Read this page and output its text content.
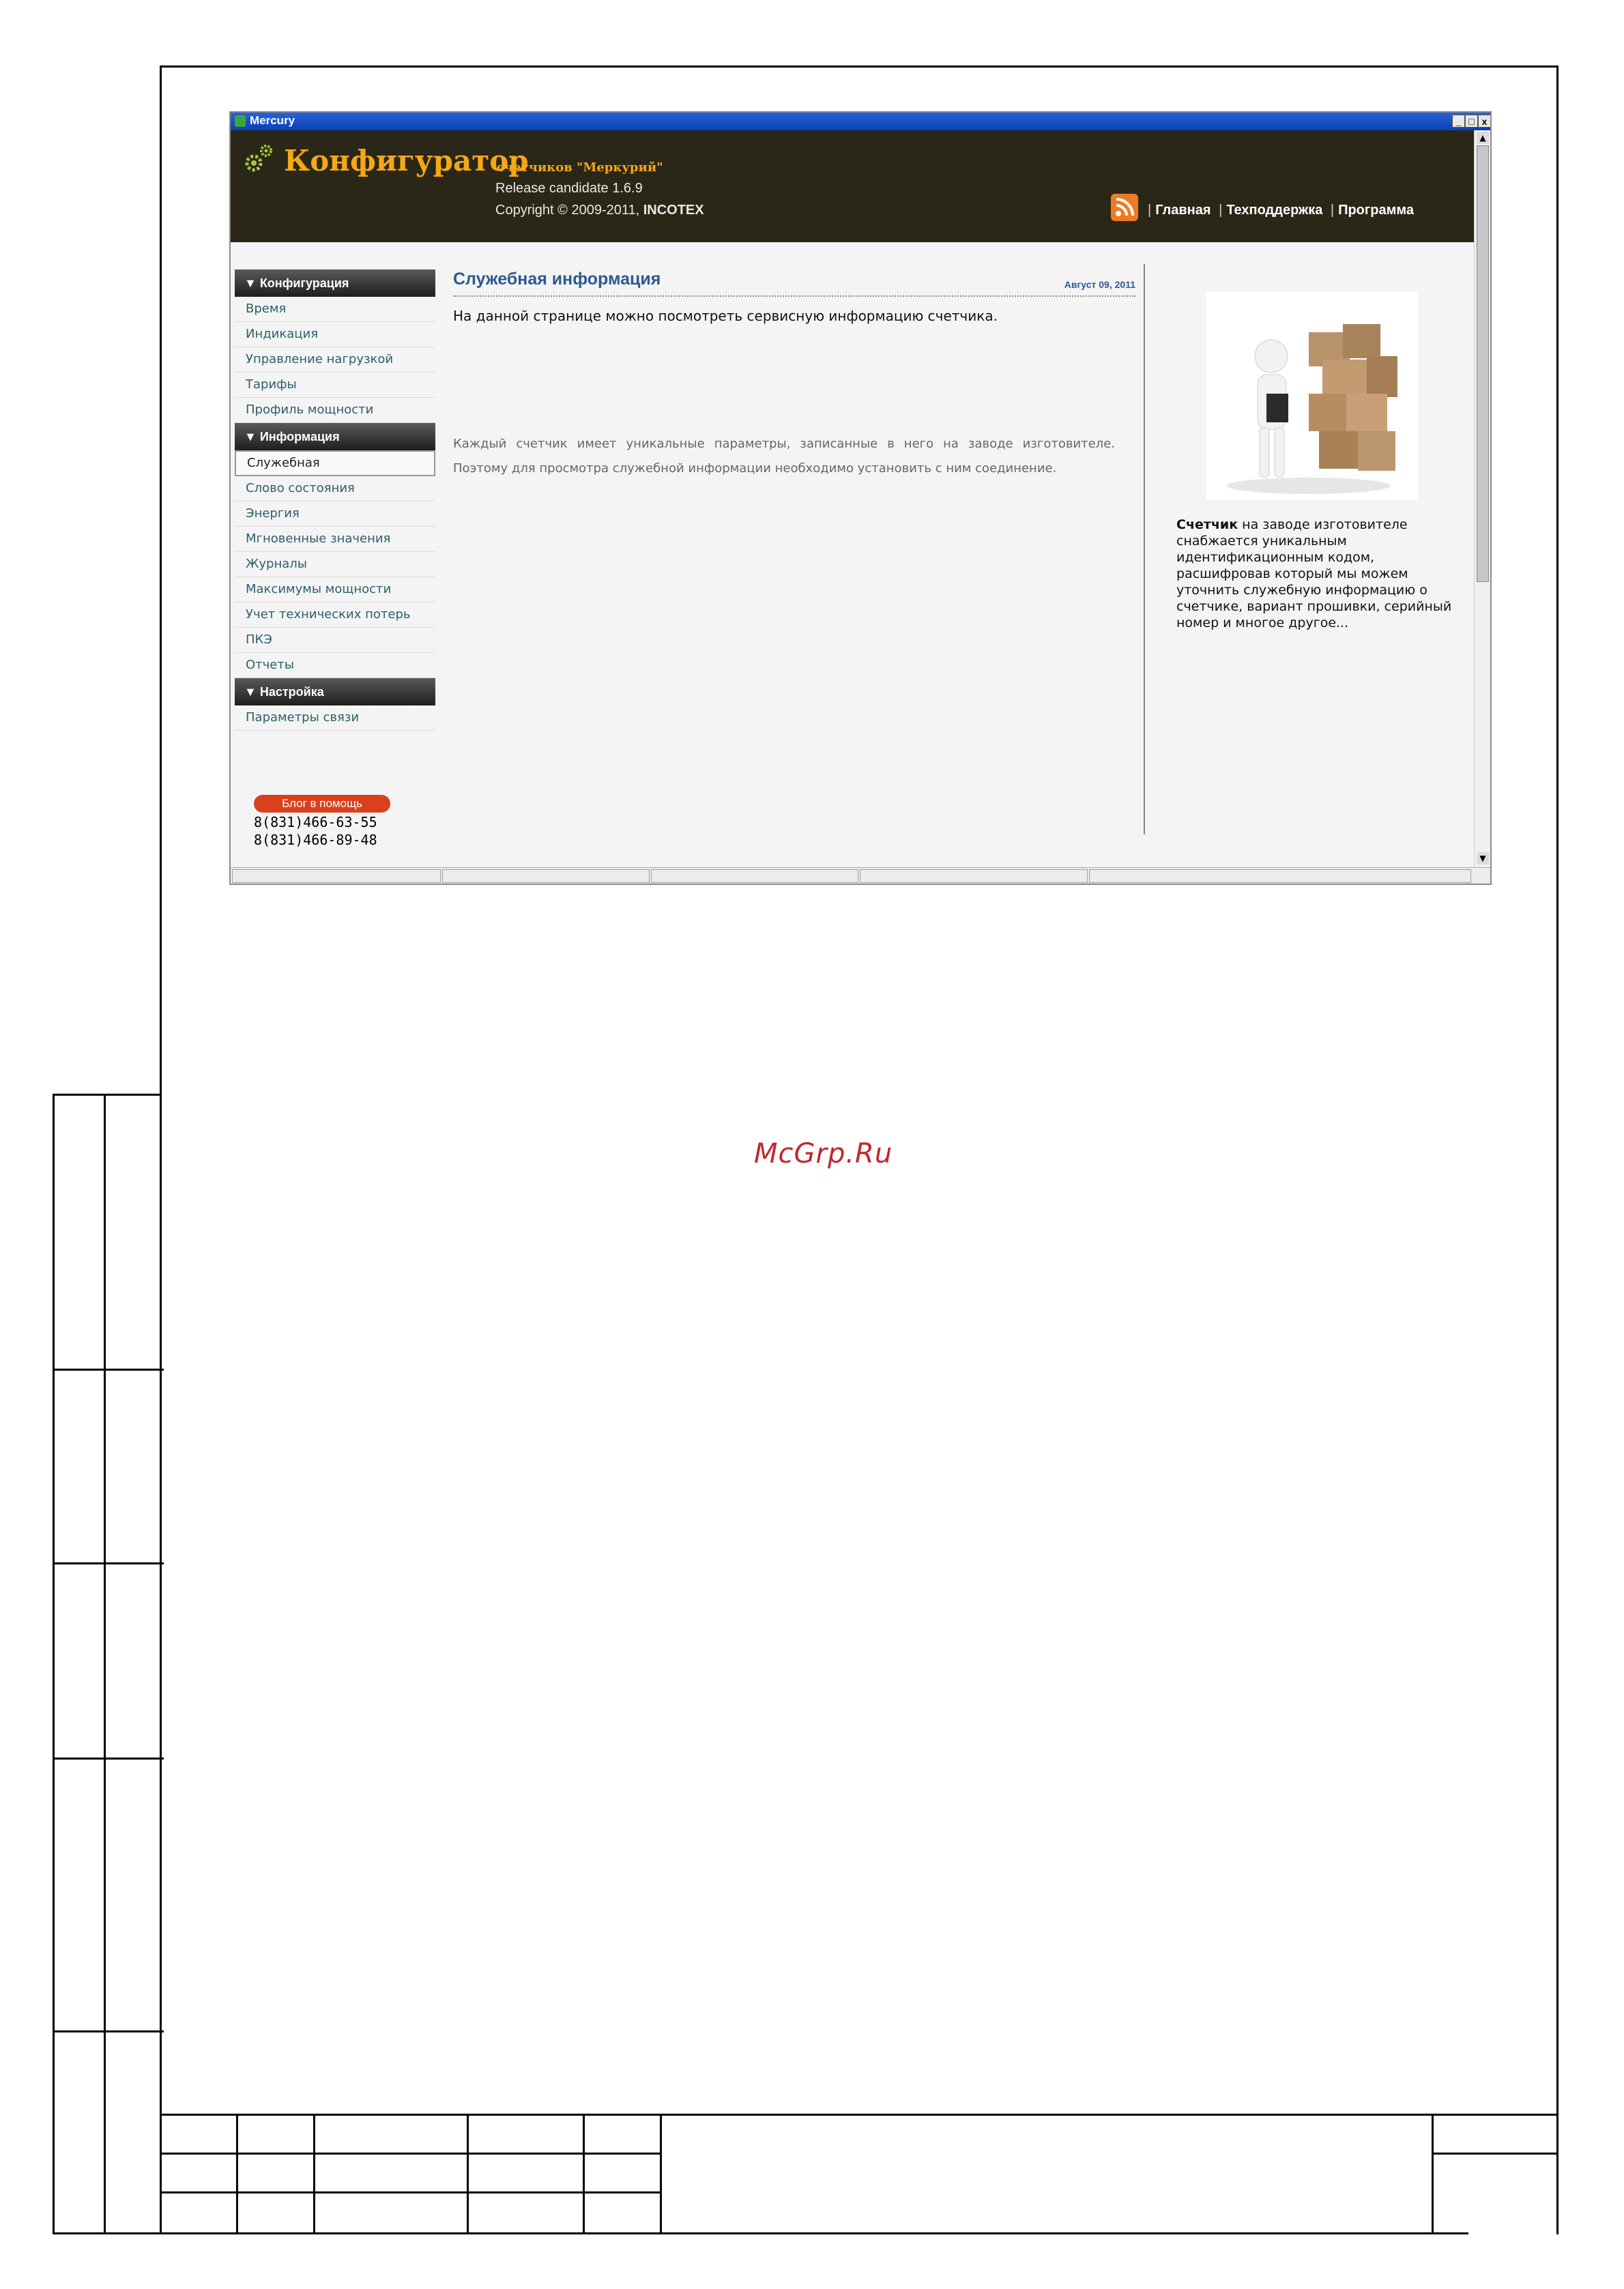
McGrp.Ru
Mercury	_ □ x
Конфигуратор
счетчиков "Меркурий"
Release candidate 1.6.9
Copyright © 2009-2011, INCOTEX	| Главная | Техподдержка | Программа
▼ Конфигурация
Время
Индикация
Управление нагрузкой
Тарифы
Профиль мощности
▼ Информация
Служебная
Слово состояния
Энергия
Мгновенные значения
Журналы
Максимумы мощности
Учет технических потерь
ПКЭ
Отчеты
▼ Настройка
Параметры связи
Блог в помощь
8(831)466-63-55
8(831)466-89-48
Служебная информация	Август 09, 2011
На данной странице можно посмотреть сервисную информацию счетчика.
Каждый счетчик имеет уникальные параметры, записанные в него на заводе изготовителе. Поэтому для просмотра служебной информации необходимо установить с ним соединение.
Счетчик на заводе изготовителе снабжается уникальным идентификационным кодом, расшифровав который мы можем уточнить служебную информацию о счетчике, вариант прошивки, серийный номер и многое другое...
▲
▼
